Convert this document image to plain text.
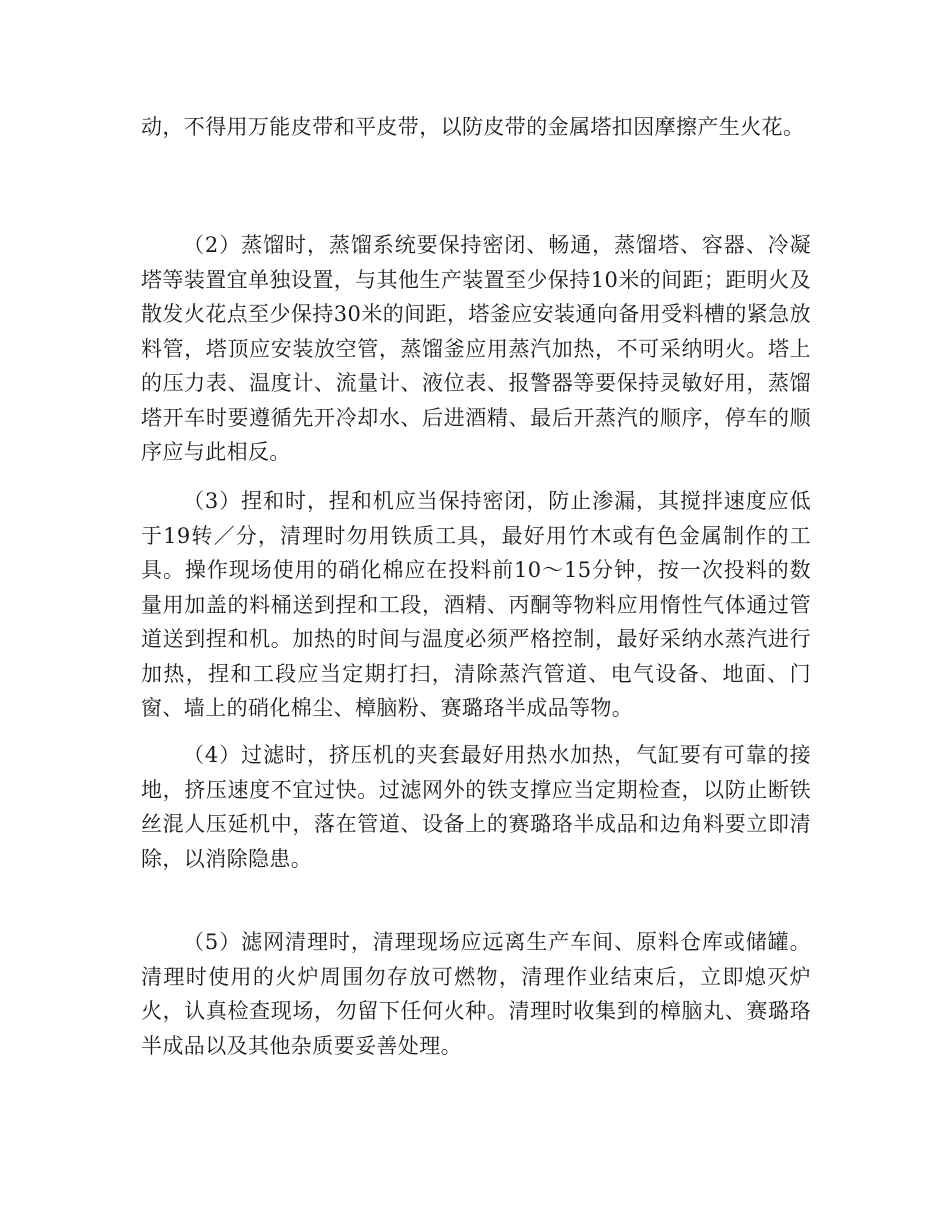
动，不得用万能皮带和平皮带，以防皮带的金属塔扣因摩擦产生火花。

（2）蒸馏时，蒸馏系统要保持密闭、畅通，蒸馏塔、容器、冷凝塔等装置宜单独设置，与其他生产装置至少保持10米的间距；距明火及散发火花点至少保持30米的间距，塔釜应安装通向备用受料槽的紧急放料管，塔顶应安装放空管，蒸馏釜应用蒸汽加热，不可采纳明火。塔上的压力表、温度计、流量计、液位表、报警器等要保持灵敏好用，蒸馏塔开车时要遵循先开冷却水、后进酒精、最后开蒸汽的顺序，停车的顺序应与此相反。

（3）捏和时，捏和机应当保持密闭，防止渗漏，其搅拌速度应低于19转／分，清理时勿用铁质工具，最好用竹木或有色金属制作的工具。操作现场使用的硝化棉应在投料前10～15分钟，按一次投料的数量用加盖的料桶送到捏和工段，酒精、丙酮等物料应用惰性气体通过管道送到捏和机。加热的时间与温度必须严格控制，最好采纳水蒸汽进行加热，捏和工段应当定期打扫，清除蒸汽管道、电气设备、地面、门窗、墙上的硝化棉尘、樟脑粉、赛璐珞半成品等物。

（4）过滤时，挤压机的夹套最好用热水加热，气缸要有可靠的接地，挤压速度不宜过快。过滤网外的铁支撑应当定期检查，以防止断铁丝混人压延机中，落在管道、设备上的赛璐珞半成品和边角料要立即清除，以消除隐患。

（5）滤网清理时，清理现场应远离生产车间、原料仓库或储罐。清理时使用的火炉周围勿存放可燃物，清理作业结束后，立即熄灭炉火，认真检查现场，勿留下任何火种。清理时收集到的樟脑丸、赛璐珞半成品以及其他杂质要妥善处理。
